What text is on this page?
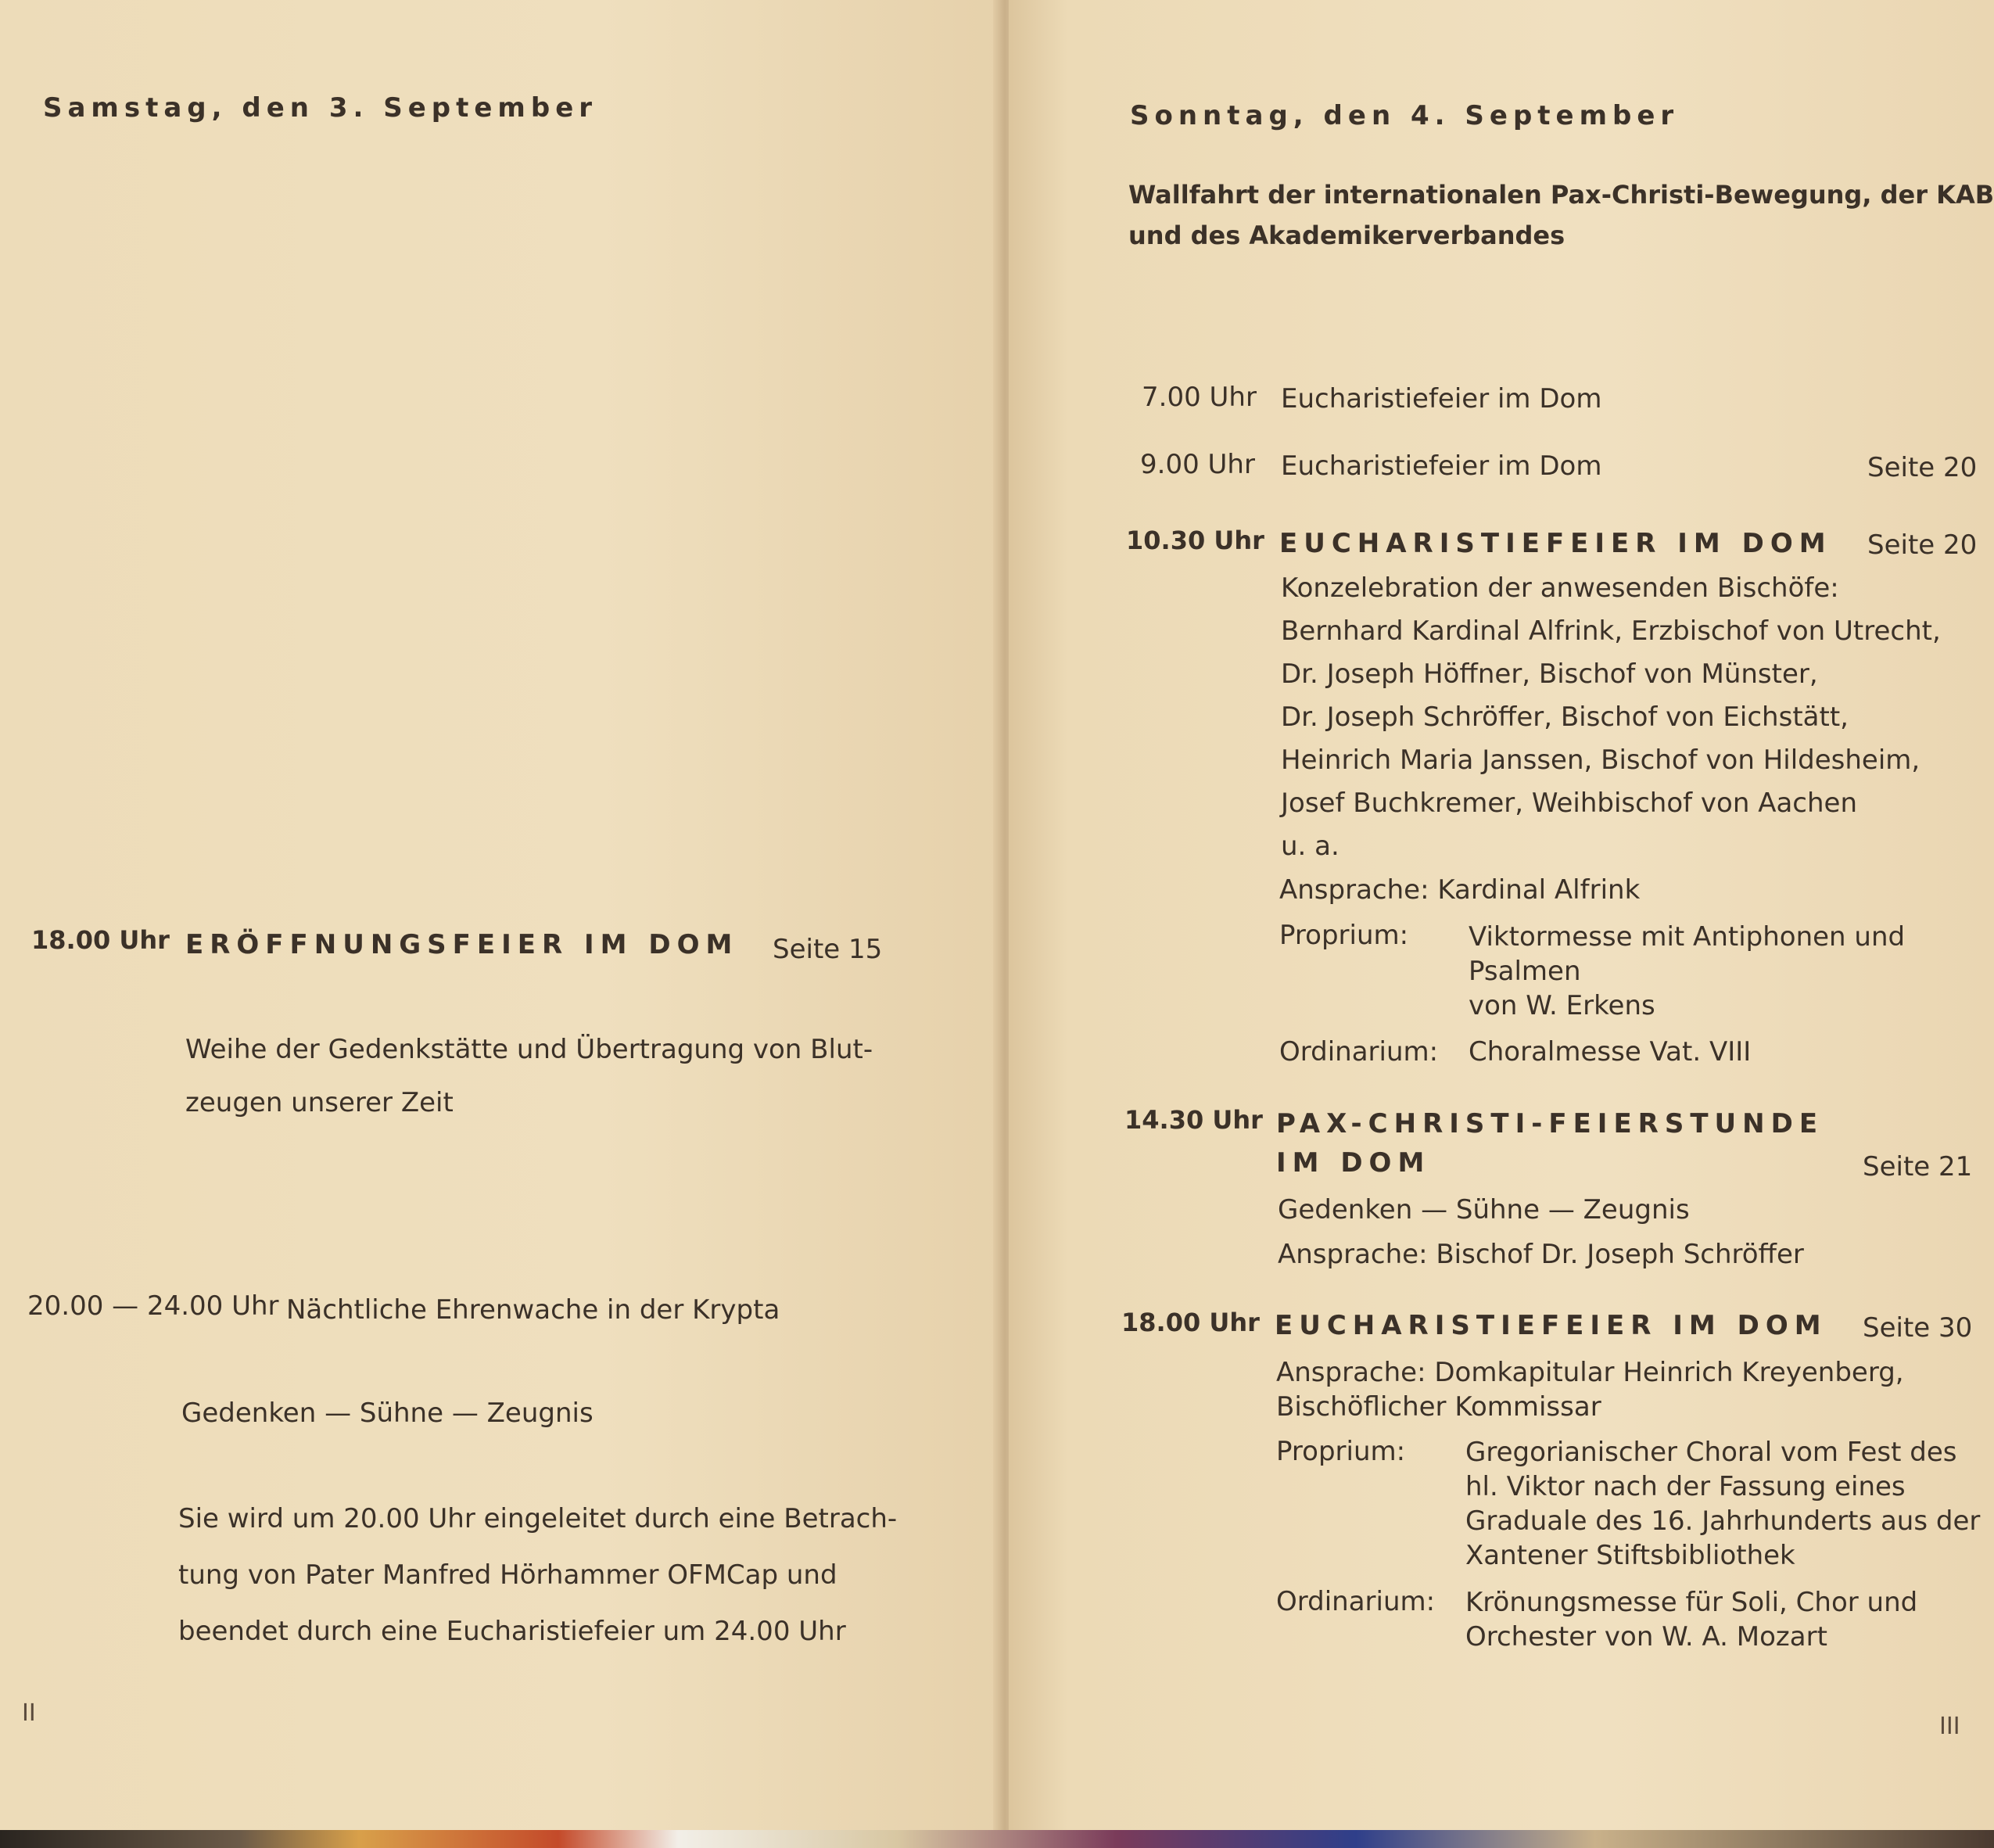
Samstag, den 3. September
18.00 Uhr ERÖFFNUNGSFEIER IM DOM Seite 15
Weihe der Gedenkstätte und Übertragung von Blut-
zeugen unserer Zeit
20.00 — 24.00 Uhr Nächtliche Ehrenwache in der Krypta
Gedenken — Sühne — Zeugnis
Sie wird um 20.00 Uhr eingeleitet durch eine Betrach-
tung von Pater Manfred Hörhammer OFMCap und
beendet durch eine Eucharistiefeier um 24.00 Uhr
II
Sonntag, den 4. September
Wallfahrt der internationalen Pax-Christi-Bewegung, der KAB
und des Akademikerverbandes
7.00 Uhr Eucharistiefeier im Dom
9.00 Uhr Eucharistiefeier im Dom	Seite 20
10.30 Uhr EUCHARISTIEFEIER IM DOM Seite 20
Konzelebration der anwesenden Bischöfe:
Bernhard Kardinal Alfrink, Erzbischof von Utrecht,
Dr. Joseph Höffner, Bischof von Münster,
Dr. Joseph Schröffer, Bischof von Eichstätt,
Heinrich Maria Janssen, Bischof von Hildesheim,
Josef Buchkremer, Weihbischof von Aachen
u. a.
Ansprache: Kardinal Alfrink
Proprium: Viktormesse mit Antiphonen und
Psalmen
von W. Erkens
Ordinarium: Choralmesse Vat. VIII
14.30 Uhr PAX-CHRISTI-FEIERSTUNDE
IM DOM	Seite 21
Gedenken — Sühne — Zeugnis
Ansprache: Bischof Dr. Joseph Schröffer
18.00 Uhr EUCHARISTIEFEIER IM DOM Seite 30
Ansprache: Domkapitular Heinrich Kreyenberg,
Bischöflicher Kommissar
Proprium: Gregorianischer Choral vom Fest des
hl. Viktor nach der Fassung eines
Graduale des 16. Jahrhunderts aus der
Xantener Stiftsbibliothek
Ordinarium: Krönungsmesse für Soli, Chor und
Orchester von W. A. Mozart
III
